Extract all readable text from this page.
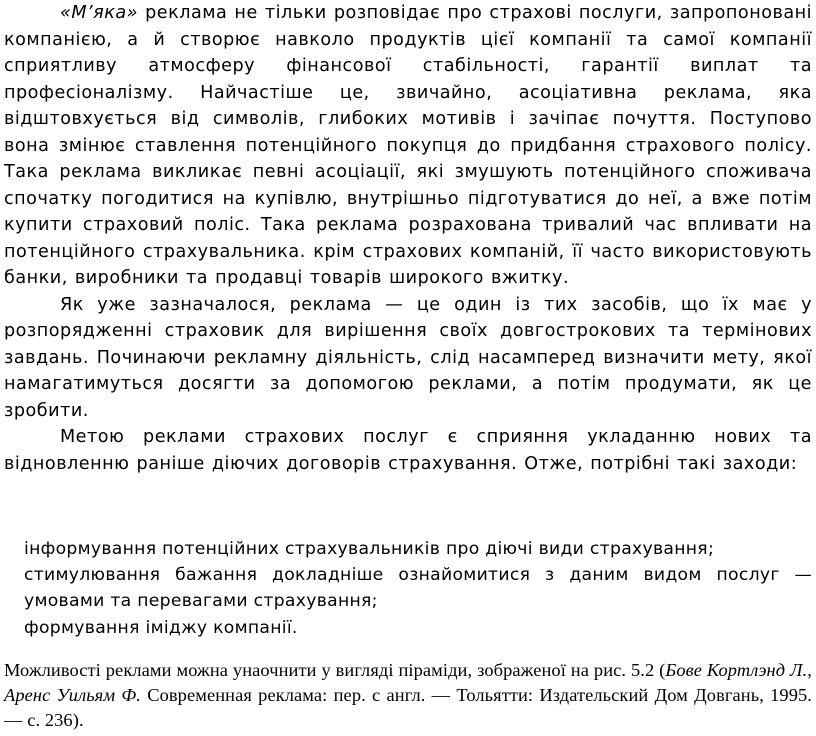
«М’яка» реклама не тільки розповідає про страхові послуги, запропоновані компанією, а й створює навколо продуктів цієї компанії та самої компанії сприятливу атмосферу фінансової стабільності, гарантії виплат та професіоналізму. Найчастіше це, звичайно, асоціативна реклама, яка відштовхується від символів, глибоких мотивів і зачіпає почуття. Поступово вона змінює ставлення потенційного покупця до придбання страхового полісу. Така реклама викликає певні асоціації, які змушують потенційного споживача спочатку погодитися на купівлю, внутрішньо підготуватися до неї, а вже потім купити страховий поліс. Така реклама розрахована тривалий час впливати на потенційного страхувальника. крім страхових компаній, її часто використовують банки, виробники та продавці товарів широкого вжитку.

Як уже зазначалося, реклама — це один із тих засобів, що їх має у розпорядженні страховик для вирішення своїх довгострокових та термінових завдань. Починаючи рекламну діяльність, слід насамперед визначити мету, якої намагатимуться досягти за допомогою реклами, а потім продумати, як це зробити.

Метою реклами страхових послуг є сприяння укладанню нових та відновленню раніше діючих договорів страхування. Отже, потрібні такі заходи:

інформування потенційних страхувальників про діючі види страхування;
стимулювання бажання докладніше ознайомитися з даним видом послуг — умовами та перевагами страхування;
формування іміджу компанії.

Можливості реклами можна унаочнити у вигляді піраміди, зображеної на рис. 5.2 (Бове Кортлэнд Л., Аренс Уильям Ф. Современная реклама: пер. с англ. — Тольятти: Издательский Дом Довгань, 1995. — с. 236).
